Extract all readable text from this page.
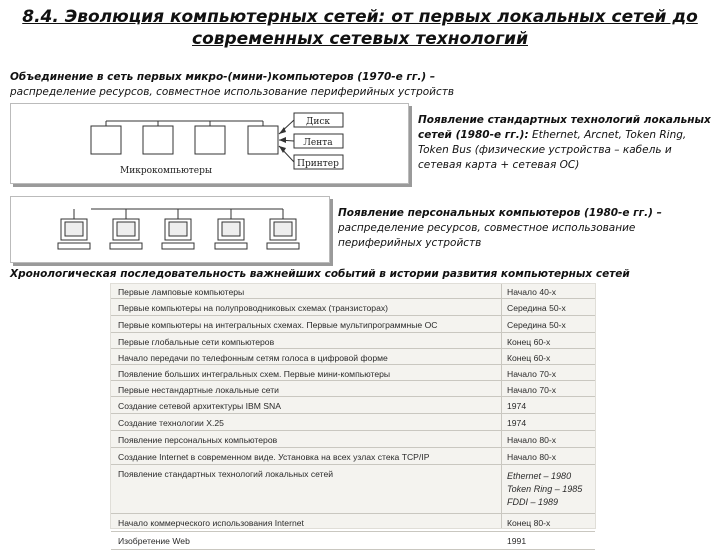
8.4. Эволюция компьютерных сетей: от первых локальных сетей до
современных сетевых технологий
Объединение в сеть первых микро-(мини-)компьютеров (1970-е гг.) –
распределение ресурсов, совместное использование периферийных устройств
Диск
Лента
Принтер
Микрокомпьютеры
Появление стандартных технологий локальных сетей (1980-е гг.): Ethernet, Arcnet, Token Ring, Token Bus (физические устройства – кабель и сетевая карта + сетевая ОС)
Появление персональных компьютеров (1980-е гг.) – распределение ресурсов, совместное использование периферийных устройств
Хронологическая последовательность важнейших событий в истории развития компьютерных сетей
Первые ламповые компьютеры	Начало 40-х
Первые компьютеры на полупроводниковых схемах (транзисторах)	Середина 50-х
Первые компьютеры на интегральных схемах. Первые мультипрограммные ОС	Середина 50-х
Первые глобальные сети компьютеров	Конец 60-х
Начало передачи по телефонным сетям голоса в цифровой форме	Конец 60-х
Появление больших интегральных схем. Первые мини-компьютеры	Начало 70-х
Первые нестандартные локальные сети	Начало 70-х
Создание сетевой архитектуры IBM SNA	1974
Создание технологии X.25	1974
Появление персональных компьютеров	Начало 80-х
Создание Internet в современном виде. Установка на всех узлах стека TCP/IP	Начало 80-х
Появление стандартных технологий локальных сетей	Ethernet – 1980
Token Ring – 1985
FDDI – 1989
Начало коммерческого использования Internet	Конец 80-х
Изобретение Web	1991
